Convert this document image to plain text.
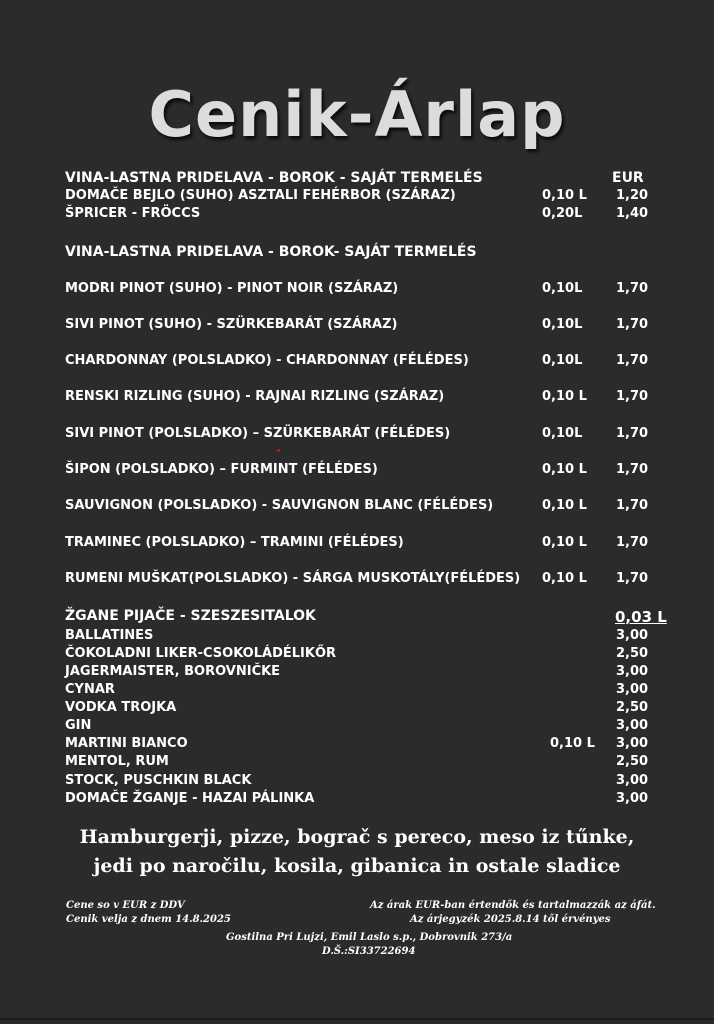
Cenik-Árlap
VINA-LASTNA PRIDELAVA - BOROK - SAJÁT TERMELÉS	EUR
DOMAČE BEJLO (SUHO) ASZTALI FEHÉRBOR (SZÁRAZ)	0,10 L 1,20
ŠPRICER - FRÖCCS	0,20L	1,40
VINA-LASTNA PRIDELAVA - BOROK- SAJÁT TERMELÉS
MODRI PINOT (SUHO) - PINOT NOIR (SZÁRAZ)	0,10L	1,70
SIVI PINOT (SUHO) - SZÜRKEBARÁT (SZÁRAZ)	0,10L	1,70
CHARDONNAY (POLSLADKO) - CHARDONNAY (FÉLÉDES)	0,10L	1,70
RENSKI RIZLING (SUHO) - RAJNAI RIZLING (SZÁRAZ)	0,10 L 1,70
SIVI PINOT (POLSLADKO) – SZÜRKEBARÁT (FÉLÉDES)	0,10L	1,70
ŠIPON (POLSLADKO) – FURMINT (FÉLÉDES)	0,10 L 1,70
SAUVIGNON (POLSLADKO) - SAUVIGNON BLANC (FÉLÉDES)	0,10 L 1,70
TRAMINEC (POLSLADKO) – TRAMINI (FÉLÉDES)	0,10 L 1,70
RUMENI MUŠKAT(POLSLADKO) - SÁRGA MUSKOTÁLY(FÉLÉDES) 0,10 L 1,70
ŽGANE PIJAČE - SZESZESITALOK	0,03 L
BALLATINES	3,00
ČOKOLADNI LIKER-CSOKOLÁDÉLIKŐR	2,50
JAGERMAISTER, BOROVNIČKE	3,00
CYNAR	3,00
VODKA TROJKA	2,50
GIN	3,00
MARTINI BIANCO	0,10 L 3,00
MENTOL, RUM	2,50
STOCK, PUSCHKIN BLACK	3,00
DOMAČE ŽGANJE - HAZAI PÁLINKA	3,00
Hamburgerji, pizze, bograč s pereco, meso iz tűnke,
jedi po naročilu, kosila, gibanica in ostale sladice
Cene so v EUR z DDV
Cenik velja z dnem 14.8.2025
Az árak EUR-ban értendők és tartalmazzák az áfát.
Az árjegyzék 2025.8.14 től érvényes
Gostilna Pri Lujzi, Emil Laslo s.p., Dobrovnik 273/a
D.Š.:SI33722694
